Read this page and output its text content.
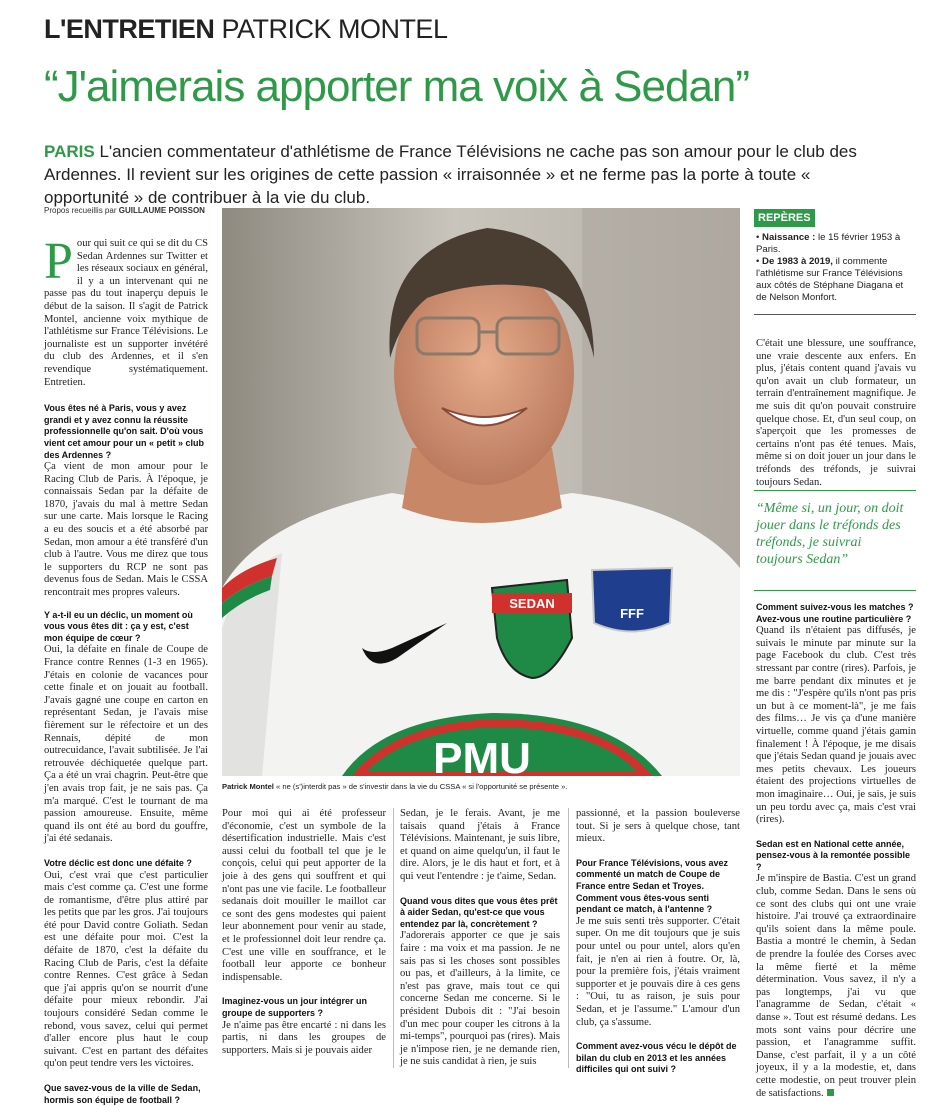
L'ENTRETIEN PATRICK MONTEL
“J'aimerais apporter ma voix à Sedan”
PARIS L'ancien commentateur d'athlétisme de France Télévisions ne cache pas son amour pour le club des Ardennes. Il revient sur les origines de cette passion « irraisonnée » et ne ferme pas la porte à toute « opportunité » de contribuer à la vie du club.
Propos recueillis par GUILLAUME POISSON
P our qui suit ce qui se dit du CS Sedan Ardennes sur Twitter et les réseaux sociaux en général, il y a un intervenant qui ne passe pas du tout inaperçu depuis le début de la saison. Il s'agit de Patrick Montel, ancienne voix mythique de l'athlétisme sur France Télévisions. Le journaliste est un supporter invétéré du club des Ardennes, et il s'en revendique systématiquement. Entretien.

Vous êtes né à Paris, vous y avez grandi et y avez connu la réussite professionnelle qu'on sait. D'où vous vient cet amour pour un « petit » club des Ardennes ?

Ça vient de mon amour pour le Racing Club de Paris. À l'époque, je connaissais Sedan par la défaite de 1870, j'avais du mal à mettre Sedan sur une carte. Mais lorsque le Racing a eu des soucis et a été absorbé par Sedan, mon amour a été transféré d'un club à l'autre. Vous me direz que tous le supporters du RCP ne sont pas devenus fous de Sedan. Mais le CSSA rencontrait mes propres valeurs.

Y a-t-il eu un déclic, un moment où vous vous êtes dit : ça y est, c'est mon équipe de cœur ?

Oui, la défaite en finale de Coupe de France contre Rennes (1-3 en 1965). J'étais en colonie de vacances pour cette finale et on jouait au football. J'avais gagné une coupe en carton en représentant Sedan, je l'avais mise fièrement sur le réfectoire et un des Rennais, dépité de mon outrecuidance, l'avait subtilisée. Je l'ai retrouvée déchiquetée quelque part. Ça a été un vrai chagrin. Peut-être que j'en avais trop fait, je ne sais pas. Ça m'a marqué. C'est le tournant de ma passion amoureuse. Ensuite, même quand ils ont été au bord du gouffre, j'ai été sedanais.

Votre déclic est donc une défaite ?

Oui, c'est vrai que c'est particulier mais c'est comme ça. C'est une forme de romantisme, d'être plus attiré par les petits que par les gros. J'ai toujours été pour David contre Goliath. Sedan est une défaite pour moi. C'est la défaite de 1870, c'est la défaite du Racing Club de Paris, c'est la défaite contre Rennes. C'est grâce à Sedan que j'ai appris qu'on se nourrit d'une défaite pour mieux rebondir. J'ai toujours considéré Sedan comme le rebond, vous savez, celui qui permet d'aller encore plus haut le coup suivant. C'est en partant des défaites qu'on peut tendre vers les victoires.

Que savez-vous de la ville de Sedan, hormis son équipe de football ?

PMU
SEDAN
FFF
Patrick Montel « ne (s')interdit pas » de s'investir dans la vie du CSSA « si l'opportunité se présente ».

Pour moi qui ai été professeur d'économie, c'est un symbole de la désertification industrielle. Mais c'est aussi celui du football tel que je le conçois, celui qui peut apporter de la joie à des gens qui souffrent et qui n'ont pas une vie facile. Le footballeur sedanais doit mouiller le maillot car ce sont des gens modestes qui paient leur abonnement pour venir au stade, et le professionnel doit leur rendre ça. C'est une ville en souffrance, et le football leur apporte ce bonheur indispensable.

Imaginez-vous un jour intégrer un groupe de supporters ?

Je n'aime pas être encarté : ni dans les partis, ni dans les groupes de supporters. Mais si je pouvais aider

Sedan, je le ferais. Avant, je me taisais quand j'étais à France Télévisions. Maintenant, je suis libre, et quand on aime quelqu'un, il faut le dire. Alors, je le dis haut et fort, et à qui veut l'entendre : je t'aime, Sedan.

Quand vous dites que vous êtes prêt à aider Sedan, qu'est-ce que vous entendez par là, concrètement ?

J'adorerais apporter ce que je sais faire : ma voix et ma passion. Je ne sais pas si les choses sont possibles ou pas, et d'ailleurs, à la limite, ce n'est pas grave, mais tout ce qui concerne Sedan me concerne. Si le président Dubois dit : "J'ai besoin d'un mec pour couper les citrons à la mi-temps", pourquoi pas (rires). Mais je n'impose rien, je ne demande rien, je ne suis candidat à rien, je suis

passionné, et la passion bouleverse tout. Si je sers à quelque chose, tant mieux.

Pour France Télévisions, vous avez commenté un match de Coupe de France entre Sedan et Troyes. Comment vous êtes-vous senti pendant ce match, à l'antenne ?

Je me suis senti très supporter. C'était super. On me dit toujours que je suis pour untel ou pour untel, alors qu'en fait, je n'en ai rien à foutre. Or, là, pour la première fois, j'étais vraiment supporter et je pouvais dire à ces gens : "Oui, tu as raison, je suis pour Sedan, et je l'assume." L'amour d'un club, ça s'assume.

Comment avez-vous vécu le dépôt de bilan du club en 2013 et les années difficiles qui ont suivi ?

REPÈRES

• Naissance : le 15 février 1953 à Paris.

• De 1983 à 2019, il commente l'athlétisme sur France Télévisions aux côtés de Stéphane Diagana et de Nelson Monfort.

C'était une blessure, une souffrance, une vraie descente aux enfers. En plus, j'étais content quand j'avais vu qu'on avait un club formateur, un terrain d'entraînement magnifique. Je me suis dit qu'on pouvait construire quelque chose. Et, d'un seul coup, on s'aperçoit que les promesses de certains n'ont pas été tenues. Mais, même si on doit jouer un jour dans le tréfonds des tréfonds, je suivrai toujours Sedan.

“Même si, un jour, on doit jouer dans le tréfonds des tréfonds, je suivrai toujours Sedan”

Comment suivez-vous les matches ? Avez-vous une routine particulière ?

Quand ils n'étaient pas diffusés, je suivais le minute par minute sur la page Facebook du club. C'est très stressant par contre (rires). Parfois, je me barre pendant dix minutes et je me dis : "J'espère qu'ils n'ont pas pris un but à ce moment-là", je me fais des films… Je vis ça d'une manière virtuelle, comme quand j'étais gamin finalement ! À l'époque, je me disais que j'étais Sedan quand je jouais avec mes petits chevaux. Les joueurs étaient des projections virtuelles de mon imaginaire… Oui, je sais, je suis un peu tordu avec ça, mais c'est vrai (rires).

Sedan est en National cette année, pensez-vous à la remontée possible ?

Je m'inspire de Bastia. C'est un grand club, comme Sedan. Dans le sens où ce sont des clubs qui ont une vraie histoire. J'ai trouvé ça extraordinaire qu'ils soient dans la même poule. Bastia a montré le chemin, à Sedan de prendre la foulée des Corses avec la même fierté et la même détermination. Vous savez, il n'y a pas longtemps, j'ai vu que l'anagramme de Sedan, c'était « danse ». Tout est résumé dedans. Les mots sont vains pour décrire une passion, et l'anagramme suffit. Danse, c'est parfait, il y a un côté joyeux, il y a la modestie, et, dans cette modestie, on peut trouver plein de satisfactions.
